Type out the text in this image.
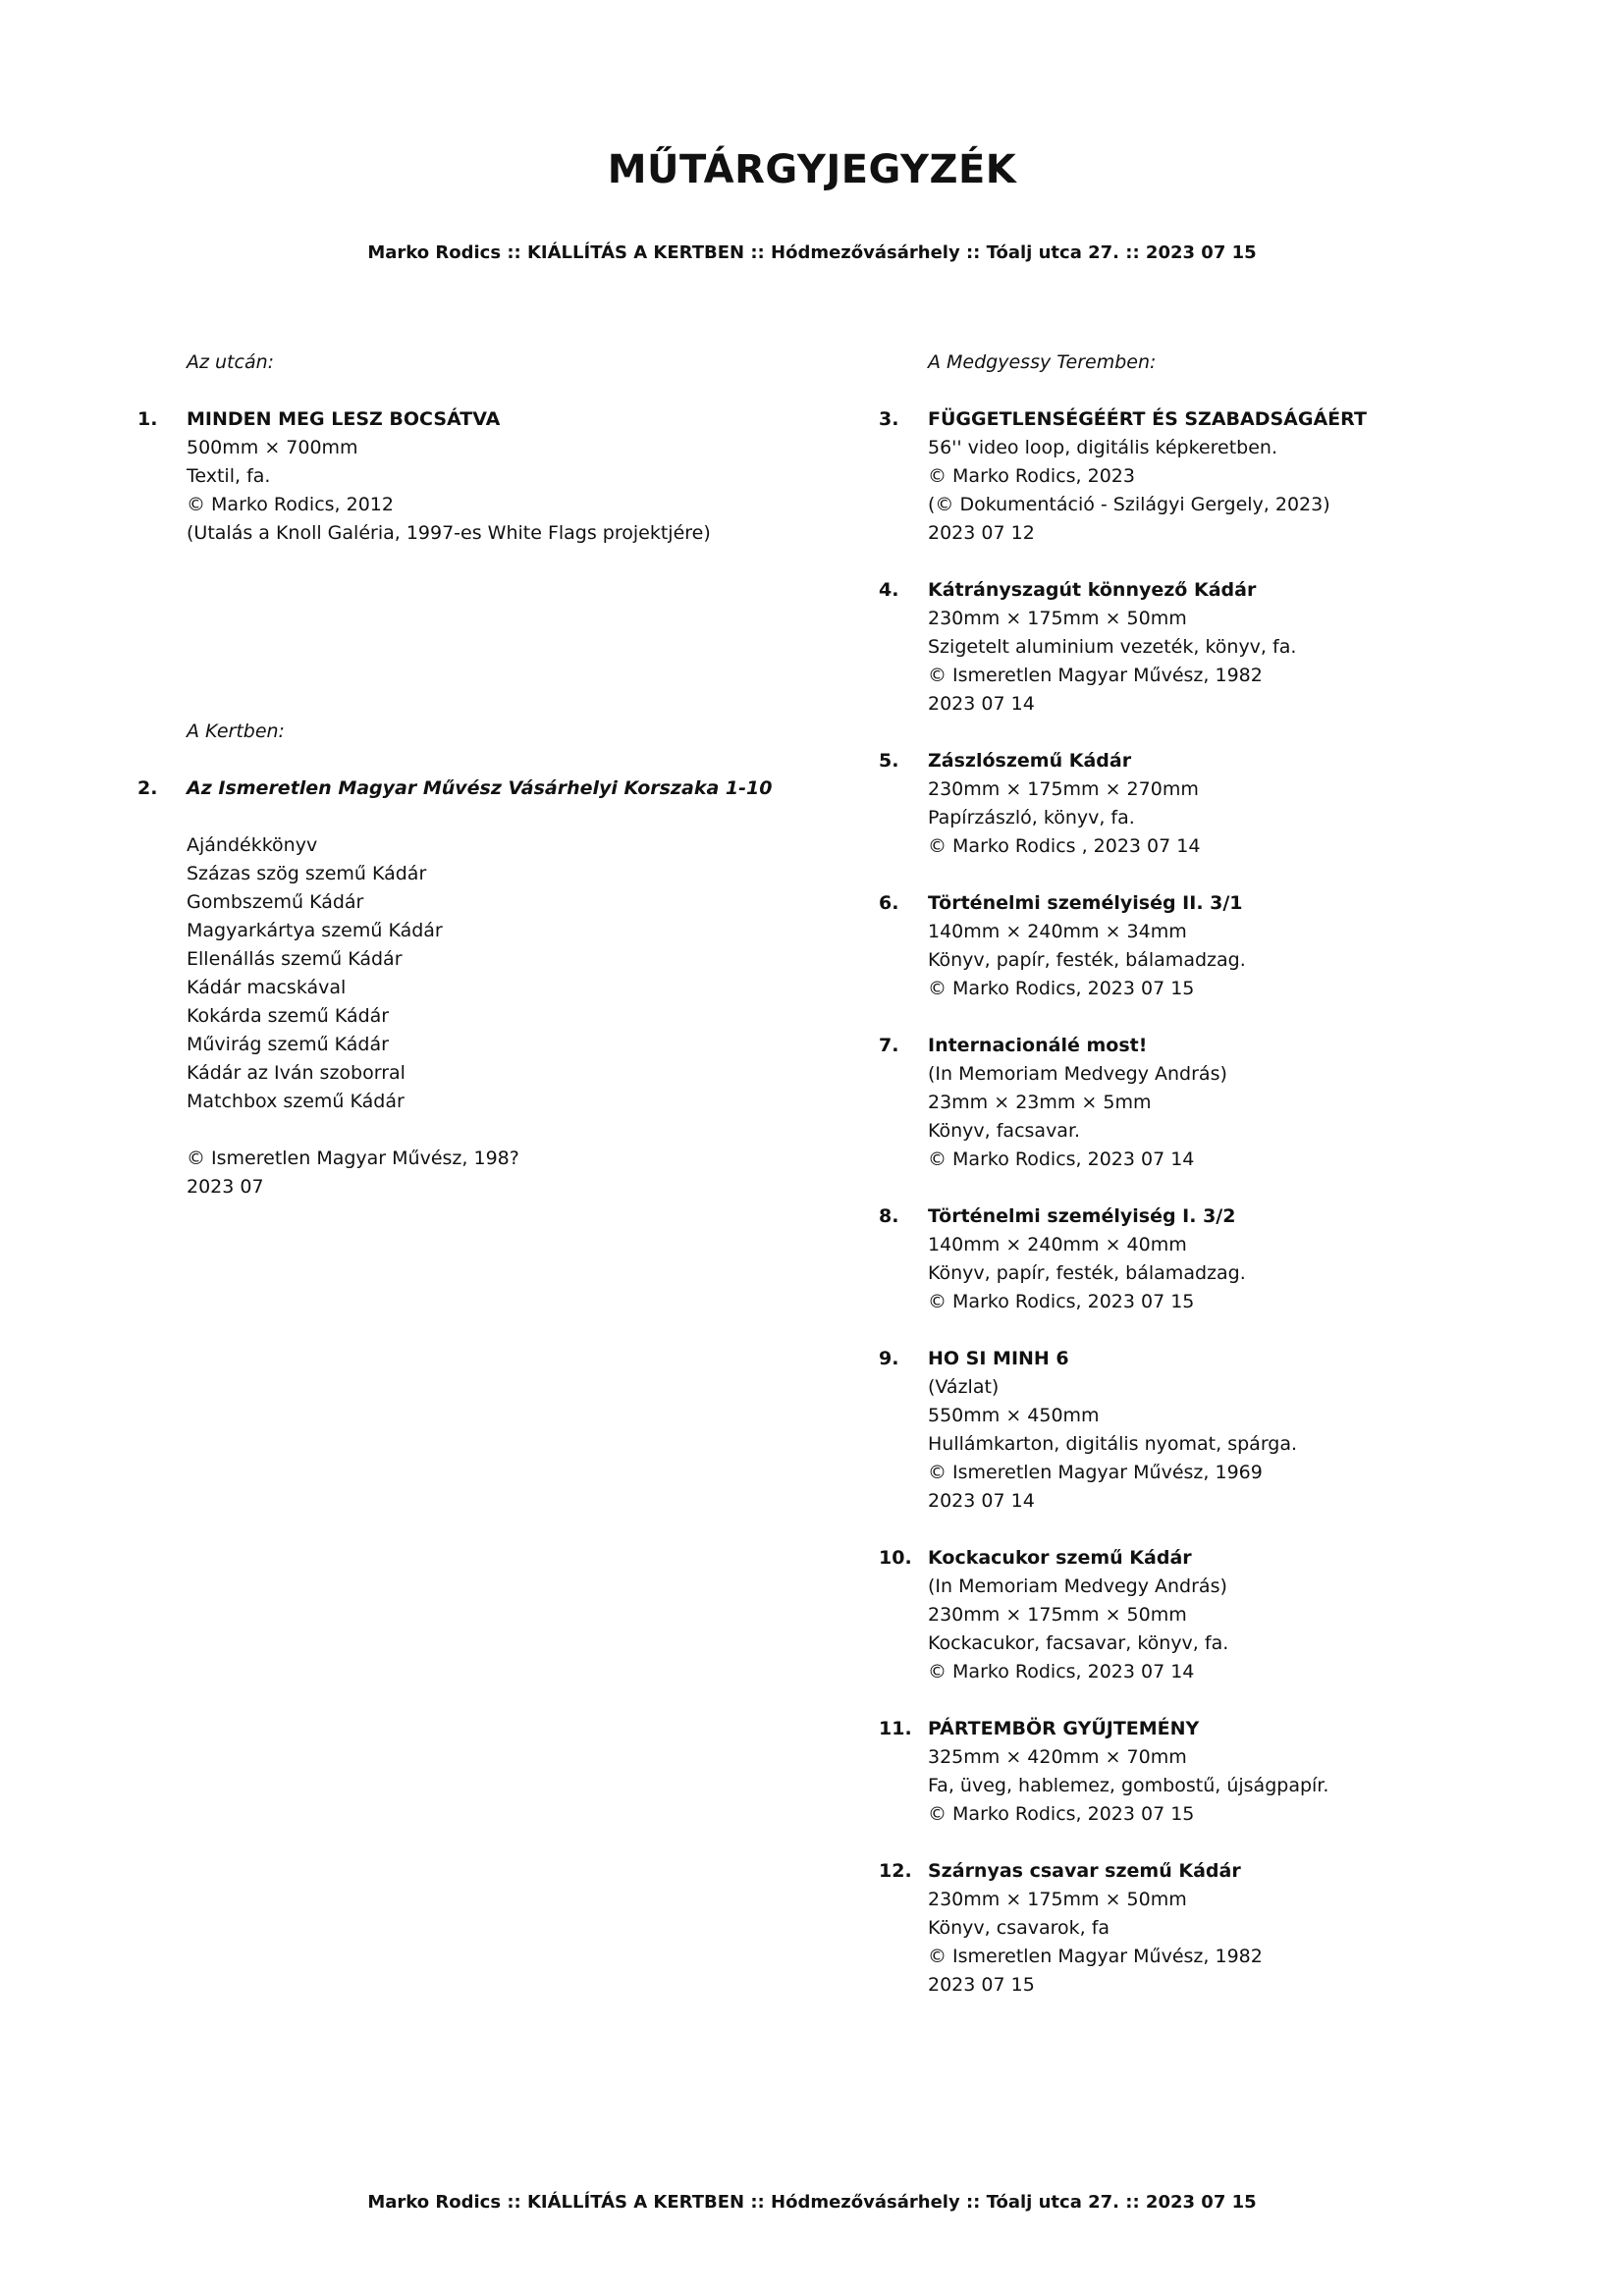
MŰTÁRGYJEGYZÉK
Marko Rodics :: KIÁLLÍTÁS A KERTBEN :: Hódmezővásárhely :: Tóalj utca 27. :: 2023 07 15
Az utcán:
1. MINDEN MEG LESZ BOCSÁTVA
500mm × 700mm
Textil, fa.
© Marko Rodics, 2012
(Utalás a Knoll Galéria, 1997-es White Flags projektjére)
A Kertben:
2. Az Ismeretlen Magyar Művész Vásárhelyi Korszaka 1-10
Ajándékkönyv
Százas szög szemű Kádár
Gombszemű Kádár
Magyarkártya szemű Kádár
Ellenállás szemű Kádár
Kádár macskával
Kokárda szemű Kádár
Művirág szemű Kádár
Kádár az Iván szoborral
Matchbox szemű Kádár
© Ismeretlen Magyar Művész, 198?
2023 07
A Medgyessy Teremben:
3. FÜGGETLENSÉGÉÉRT ÉS SZABADSÁGÁÉRT
56'' video loop, digitális képkeretben.
© Marko Rodics, 2023
(© Dokumentáció - Szilágyi Gergely, 2023)
2023 07 12
4. Kátrányszagút könnyező Kádár
230mm × 175mm × 50mm
Szigetelt aluminium vezeték, könyv, fa.
© Ismeretlen Magyar Művész, 1982
2023 07 14
5. Zászlószemű Kádár
230mm × 175mm × 270mm
Papírzászló, könyv, fa.
© Marko Rodics , 2023 07 14
6. Történelmi személyiség II. 3/1
140mm × 240mm × 34mm
Könyv, papír, festék, bálamadzag.
© Marko Rodics, 2023 07 15
7. Internacionálé most!
(In Memoriam Medvegy András)
23mm × 23mm × 5mm
Könyv, facsavar.
© Marko Rodics, 2023 07 14
8. Történelmi személyiség I. 3/2
140mm × 240mm × 40mm
Könyv, papír, festék, bálamadzag.
© Marko Rodics, 2023 07 15
9. HO SI MINH 6
(Vázlat)
550mm × 450mm
Hullámkarton, digitális nyomat, spárga.
© Ismeretlen Magyar Művész, 1969
2023 07 14
10. Kockacukor szemű Kádár
(In Memoriam Medvegy András)
230mm × 175mm × 50mm
Kockacukor, facsavar, könyv, fa.
© Marko Rodics, 2023 07 14
11. PÁRTEMBÖR GYŰJTEMÉNY
325mm × 420mm × 70mm
Fa, üveg, hablemez, gombostű, újságpapír.
© Marko Rodics, 2023 07 15
12. Szárnyas csavar szemű Kádár
230mm × 175mm × 50mm
Könyv, csavarok, fa
© Ismeretlen Magyar Művész, 1982
2023 07 15
Marko Rodics :: KIÁLLÍTÁS A KERTBEN :: Hódmezővásárhely :: Tóalj utca 27. :: 2023 07 15
